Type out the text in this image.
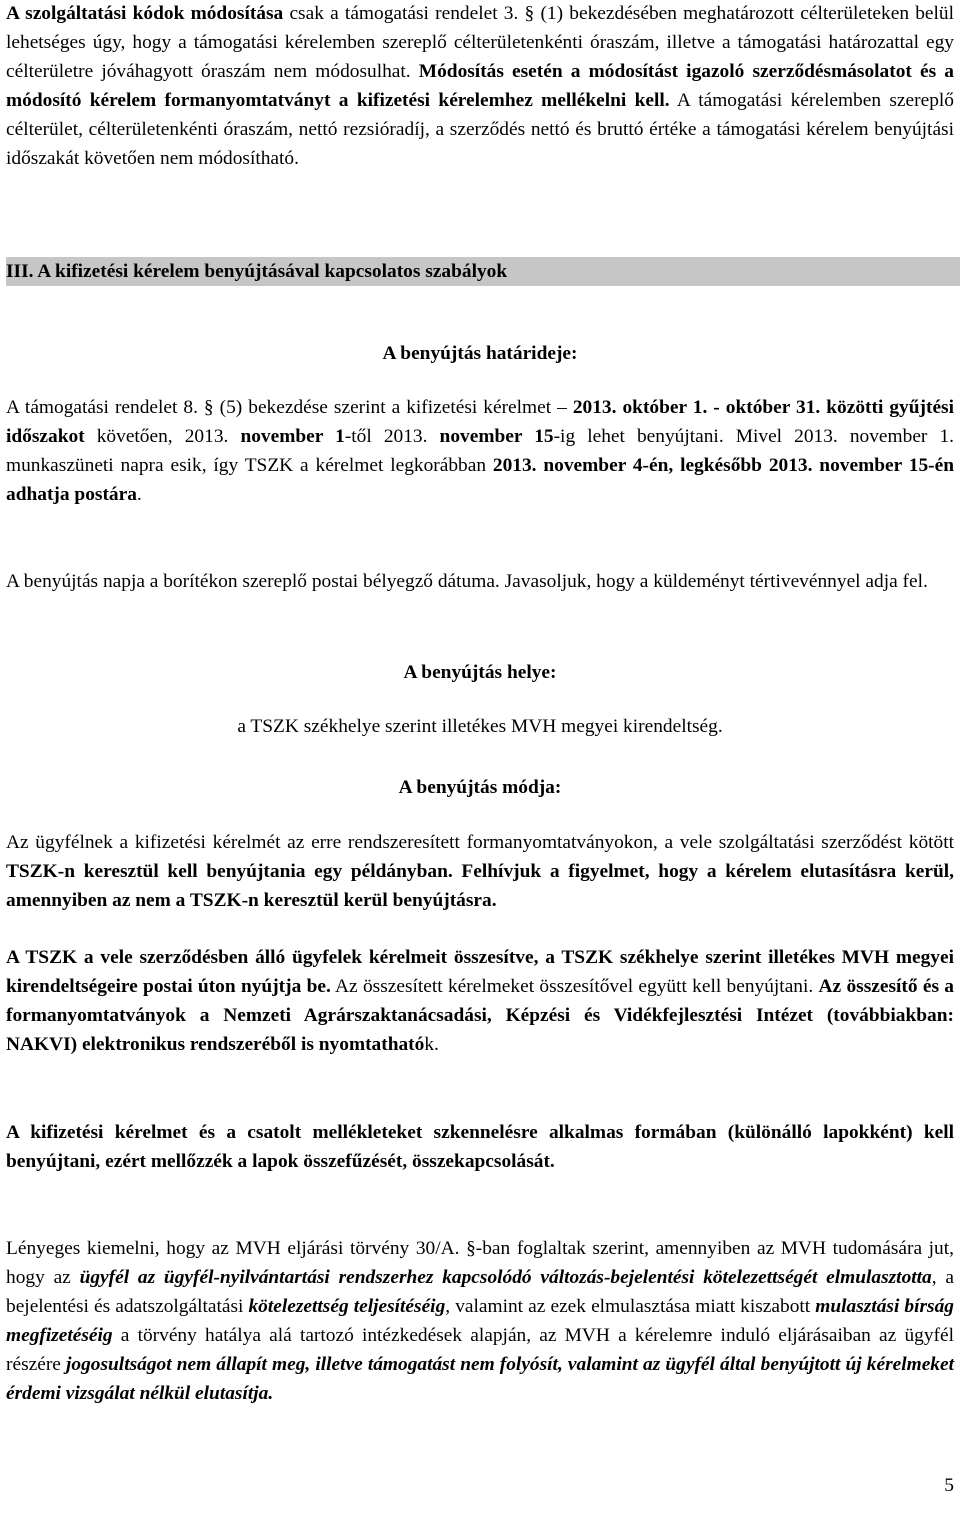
A szolgáltatási kódok módosítása csak a támogatási rendelet 3. § (1) bekezdésében meghatározott célterületeken belül lehetséges úgy, hogy a támogatási kérelemben szereplő célterületenkénti óraszám, illetve a támogatási határozattal egy célterületre jóváhagyott óraszám nem módosulhat. Módosítás esetén a módosítást igazoló szerződésmásolatot és a módosító kérelem formanyomtatványt a kifizetési kérelemhez mellékelni kell. A támogatási kérelemben szereplő célterület, célterületenkénti óraszám, nettó rezsióradíj, a szerződés nettó és bruttó értéke a támogatási kérelem benyújtási időszakát követően nem módosítható.

III. A kifizetési kérelem benyújtásával kapcsolatos szabályok
A benyújtás határideje:

A támogatási rendelet 8. § (5) bekezdése szerint a kifizetési kérelmet – 2013. október 1. - október 31. közötti gyűjtési időszakot követően, 2013. november 1-től 2013. november 15-ig lehet benyújtani. Mivel 2013. november 1. munkaszüneti napra esik, így TSZK a kérelmet legkorábban 2013. november 4-én, legkésőbb 2013. november 15-én adhatja postára.

A benyújtás napja a borítékon szereplő postai bélyegző dátuma. Javasoljuk, hogy a küldeményt tértivevénnyel adja fel.

A benyújtás helye:
a TSZK székhelye szerint illetékes MVH megyei kirendeltség.
A benyújtás módja:

Az ügyfélnek a kifizetési kérelmét az erre rendszeresített formanyomtatványokon, a vele szolgáltatási szerződést kötött TSZK-n keresztül kell benyújtania egy példányban. Felhívjuk a figyelmet, hogy a kérelem elutasításra kerül, amennyiben az nem a TSZK-n keresztül kerül benyújtásra.

A TSZK a vele szerződésben álló ügyfelek kérelmeit összesítve, a TSZK székhelye szerint illetékes MVH megyei kirendeltségeire postai úton nyújtja be. Az összesített kérelmeket összesítővel együtt kell benyújtani. Az összesítő és a formanyomtatványok a Nemzeti Agrárszaktanácsadási, Képzési és Vidékfejlesztési Intézet (továbbiakban: NAKVI) elektronikus rendszeréből is nyomtathatók.

A kifizetési kérelmet és a csatolt mellékleteket szkennelésre alkalmas formában (különálló lapokként) kell benyújtani, ezért mellőzzék a lapok összefűzését, összekapcsolását.

Lényeges kiemelni, hogy az MVH eljárási törvény 30/A. §-ban foglaltak szerint, amennyiben az MVH tudomására jut, hogy az ügyfél az ügyfél-nyilvántartási rendszerhez kapcsolódó változás-bejelentési kötelezettségét elmulasztotta, a bejelentési és adatszolgáltatási kötelezettség teljesítéséig, valamint az ezek elmulasztása miatt kiszabott mulasztási bírság megfizetéséig a törvény hatálya alá tartozó intézkedések alapján, az MVH a kérelemre induló eljárásaiban az ügyfél részére jogosultságot nem állapít meg, illetve támogatást nem folyósít, valamint az ügyfél által benyújtott új kérelmeket érdemi vizsgálat nélkül elutasítja.

5
